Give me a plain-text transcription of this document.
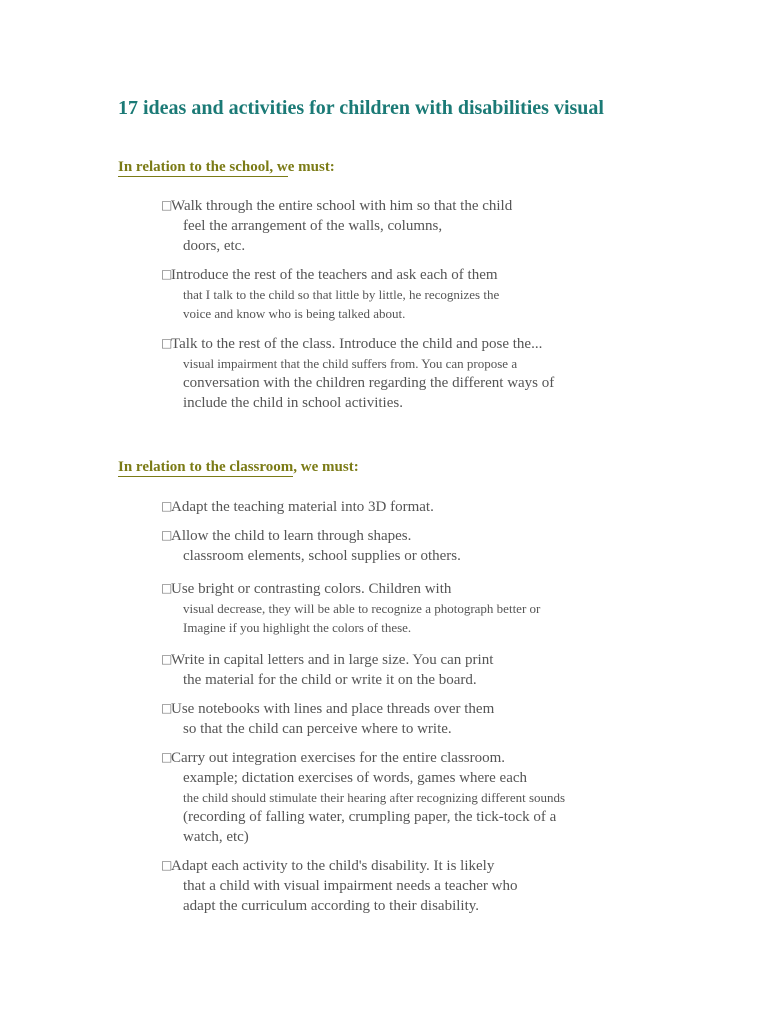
17 ideas and activities for children with disabilities visual

In relation to the school, we must:

□Walk through the entire school with him so that the child
feel the arrangement of the walls, columns,
doors, etc.
□Introduce the rest of the teachers and ask each of them
that I talk to the child so that little by little, he recognizes the
voice and know who is being talked about.
□Talk to the rest of the class. Introduce the child and pose the...
visual impairment that the child suffers from. You can propose a
conversation with the children regarding the different ways of
include the child in school activities.

In relation to the classroom, we must:

□Adapt the teaching material into 3D format.
□Allow the child to learn through shapes.
classroom elements, school supplies or others.
□Use bright or contrasting colors. Children with
visual decrease, they will be able to recognize a photograph better or
Imagine if you highlight the colors of these.
□Write in capital letters and in large size. You can print
the material for the child or write it on the board.
□Use notebooks with lines and place threads over them
so that the child can perceive where to write.
□Carry out integration exercises for the entire classroom.
example; dictation exercises of words, games where each
the child should stimulate their hearing after recognizing different sounds
(recording of falling water, crumpling paper, the tick-tock of a
watch, etc)
□Adapt each activity to the child's disability. It is likely
that a child with visual impairment needs a teacher who
adapt the curriculum according to their disability.
